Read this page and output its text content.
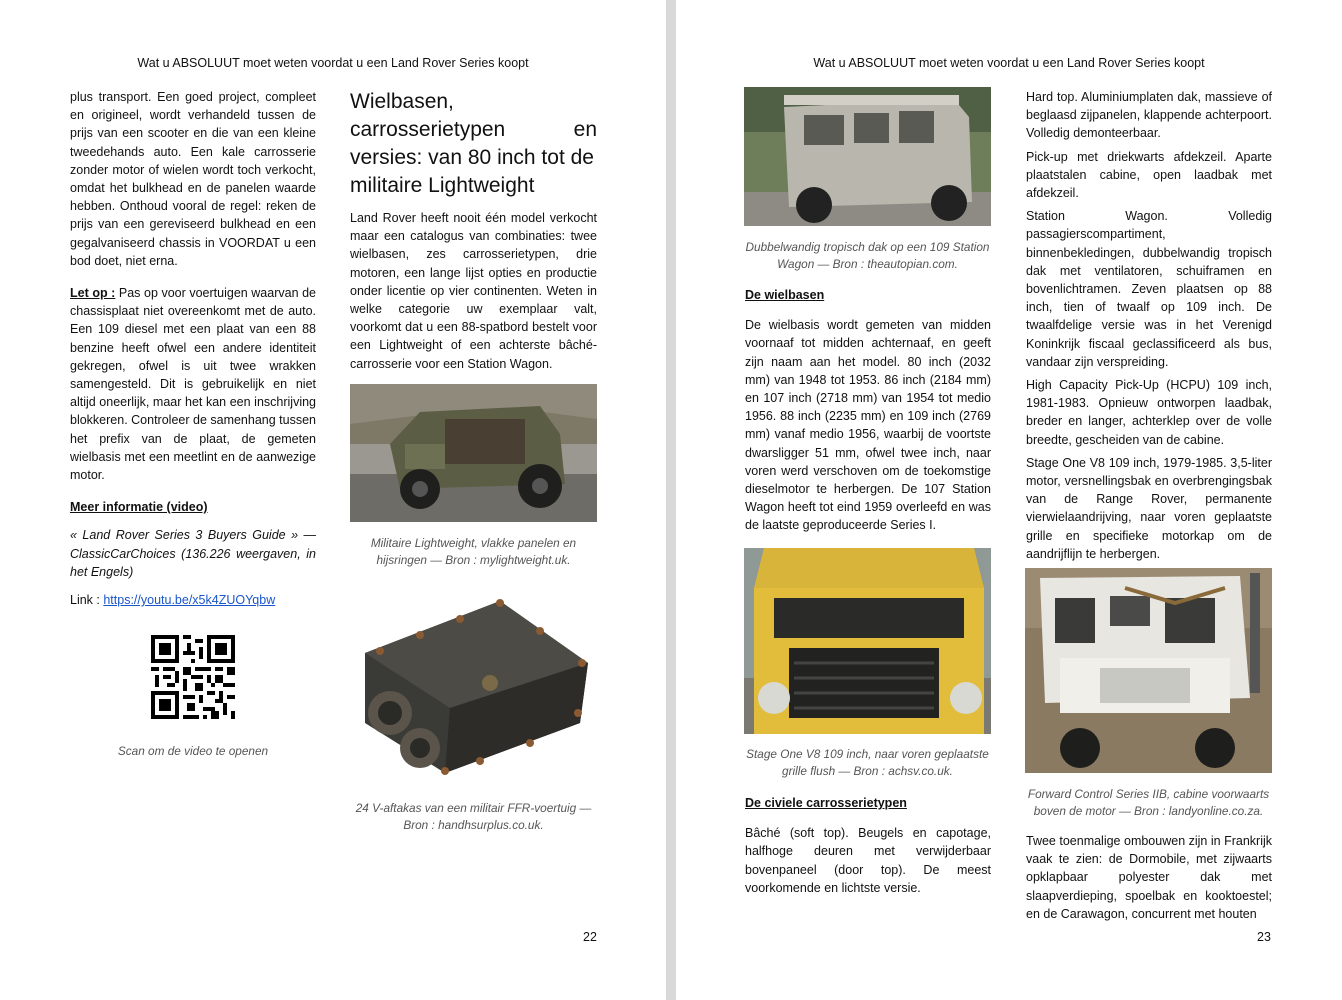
Wat u ABSOLUUT moet weten voordat u een Land Rover Series koopt

plus transport. Een goed project, compleet en origineel, wordt verhandeld tussen de prijs van een scooter en die van een kleine tweedehands auto. Een kale carrosserie zonder motor of wielen wordt toch verkocht, omdat het bulkhead en de panelen waarde hebben. Onthoud vooral de regel: reken de prijs van een gereviseerd bulkhead en een gegalvaniseerd chassis in VOORDAT u een bod doet, niet erna.

Let op : Pas op voor voertuigen waarvan de chassisplaat niet overeenkomt met de auto. Een 109 diesel met een plaat van een 88 benzine heeft ofwel een andere identiteit gekregen, ofwel is uit twee wrakken samengesteld. Dit is gebruikelijk en niet altijd oneerlijk, maar het kan een inschrijving blokkeren. Controleer de samenhang tussen het prefix van de plaat, de gemeten wielbasis met een meetlint en de aanwezige motor.

Meer informatie (video)

« Land Rover Series 3 Buyers Guide » — ClassicCarChoices (136.226 weergaven, in het Engels)

Link : https://youtu.be/x5k4ZUOYqbw

Scan om de video te openen
Wielbasen,
carrosserietypen	en
versies: van 80 inch tot de
militaire Lightweight

Land Rover heeft nooit één model verkocht maar een catalogus van combinaties: twee wielbasen, zes carrosserietypen, drie motoren, een lange lijst opties en productie onder licentie op vier continenten. Weten in welke categorie uw exemplaar valt, voorkomt dat u een 88-spatbord bestelt voor een Lightweight of een achterste bâché-carrosserie voor een Station Wagon.

Militaire Lightweight, vlakke panelen en hijsringen — Bron : mylightweight.uk.
24 V-aftakas van een militair FFR-voertuig — Bron : handhsurplus.co.uk.
22
Wat u ABSOLUUT moet weten voordat u een Land Rover Series koopt
Dubbelwandig tropisch dak op een 109 Station Wagon — Bron : theautopian.com.

De wielbasen

De wielbasis wordt gemeten van midden voornaaf tot midden achternaaf, en geeft zijn naam aan het model. 80 inch (2032 mm) van 1948 tot 1953. 86 inch (2184 mm) en 107 inch (2718 mm) van 1954 tot medio 1956. 88 inch (2235 mm) en 109 inch (2769 mm) vanaf medio 1956, waarbij de voortste dwarsligger 51 mm, ofwel twee inch, naar voren werd verschoven om de toekomstige dieselmotor te herbergen. De 107 Station Wagon heeft tot eind 1959 overleefd en was de laatste geproduceerde Series I.

Stage One V8 109 inch, naar voren geplaatste grille flush — Bron : achsv.co.uk.

De civiele carrosserietypen

Bâché (soft top). Beugels en capotage, halfhoge deuren met verwijderbaar bovenpaneel (door top). De meest voorkomende en lichtste versie.

Hard top. Aluminiumplaten dak, massieve of beglaasd zijpanelen, klappende achterpoort. Volledig demonteerbaar.

Pick-up met driekwarts afdekzeil. Aparte plaatstalen cabine, open laadbak met afdekzeil.

Station Wagon. Volledig passagierscompartiment, binnenbekledingen, dubbelwandig tropisch dak met ventilatoren, schuiframen en bovenlichtramen. Zeven plaatsen op 88 inch, tien of twaalf op 109 inch. De twaalfdelige versie was in het Verenigd Koninkrijk fiscaal geclassificeerd als bus, vandaar zijn verspreiding.

High Capacity Pick-Up (HCPU) 109 inch, 1981-1983. Opnieuw ontworpen laadbak, breder en langer, achterklep over de volle breedte, gescheiden van de cabine.

Stage One V8 109 inch, 1979-1985. 3,5-liter motor, versnellingsbak en overbrengingsbak van de Range Rover, permanente vierwielaandrijving, naar voren geplaatste grille en specifieke motorkap om de aandrijflijn te herbergen.

Forward Control Series IIB, cabine voorwaarts boven de motor — Bron : landyonline.co.za.

Twee toenmalige ombouwen zijn in Frankrijk vaak te zien: de Dormobile, met zijwaarts opklapbaar polyester dak met slaapverdieping, spoelbak en kooktoestel; en de Carawagon, concurrent met houten

23
